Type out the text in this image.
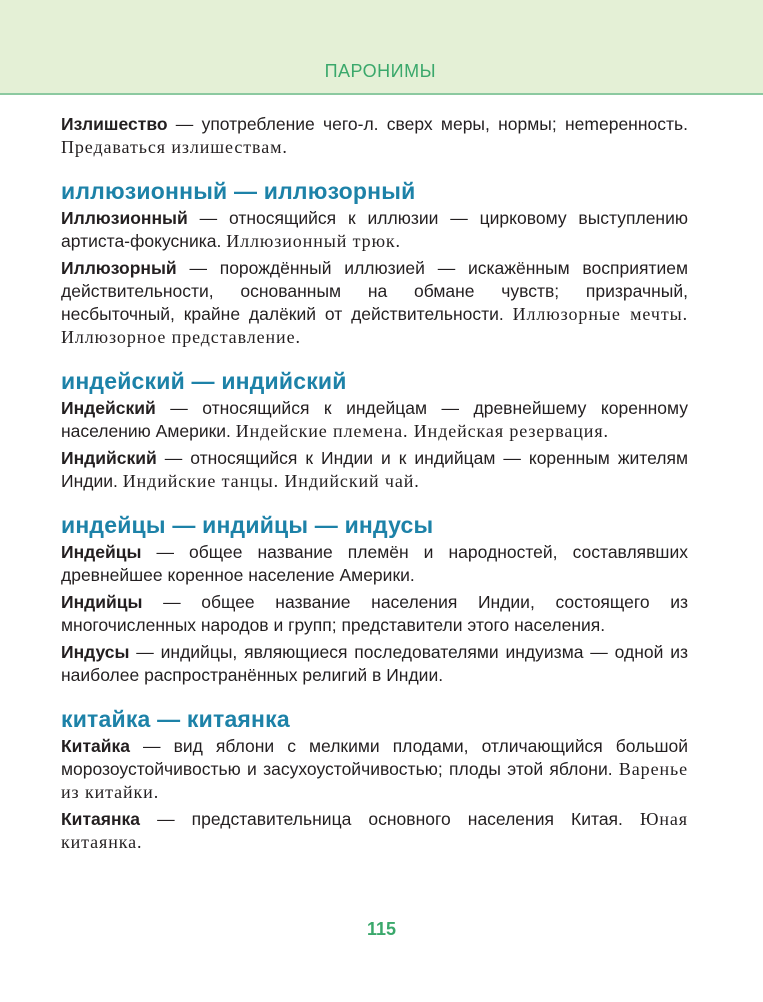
ПАРОНИМЫ

Излишество — употребление чего-л. сверх меры, нормы; неmеренность. Предаваться излишествам.

иллюзионный — иллюзорный

Иллюзионный — относящийся к иллюзии — цирковому выступлению артиста-фокусника. Иллюзионный трюк.

Иллюзорный — порождённый иллюзией — искажённым восприятием действительности, основанным на обмане чувств; призрачный, несбыточный, крайне далёкий от действительности. Иллюзорные мечты. Иллюзорное представление.

индейский — индийский

Индейский — относящийся к индейцам — древнейшему коренному населению Америки. Индейские племена. Индейская резервация.

Индийский — относящийся к Индии и к индийцам — коренным жителям Индии. Индийские танцы. Индийский чай.

индейцы — индийцы — индусы

Индейцы — общее название племён и народностей, составлявших древнейшее коренное население Америки.

Индийцы — общее название населения Индии, состоящего из многочисленных народов и групп; представители этого населения.

Индусы — индийцы, являющиеся последователями индуизма — одной из наиболее распространённых религий в Индии.

китайка — китаянка

Китайка — вид яблони с мелкими плодами, отличающийся большой морозоустойчивостью и засухоустойчивостью; плоды этой яблони. Варенье из китайки.

Китаянка — представительница основного населения Китая. Юная китаянка.

115
